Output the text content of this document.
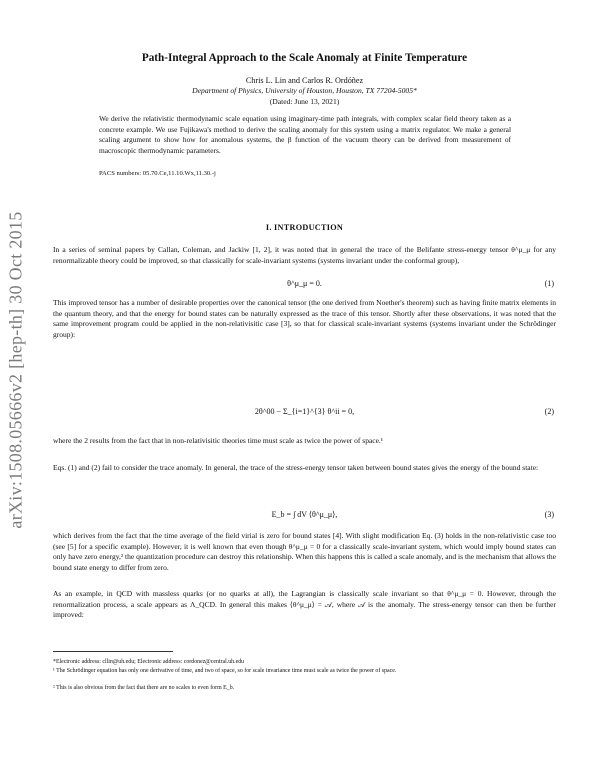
arXiv:1508.05666v2 [hep-th] 30 Oct 2015
Path-Integral Approach to the Scale Anomaly at Finite Temperature
Chris L. Lin and Carlos R. Ordóñez
Department of Physics, University of Houston, Houston, TX 77204-5005*
(Dated: June 13, 2021)
We derive the relativistic thermodynamic scale equation using imaginary-time path integrals, with complex scalar field theory taken as a concrete example. We use Fujikawa's method to derive the scaling anomaly for this system using a matrix regulator. We make a general scaling argument to show how for anomalous systems, the β function of the vacuum theory can be derived from measurement of macroscopic thermodynamic parameters.
PACS numbers: 05.70.Ce,11.10.Wx,11.30.-j
I. INTRODUCTION
In a series of seminal papers by Callan, Coleman, and Jackiw [1, 2], it was noted that in general the trace of the Belifante stress-energy tensor θ^μ_μ for any renormalizable theory could be improved, so that classically for scale-invariant systems (systems invariant under the conformal group),
θ^μ_μ = 0.	(1)
This improved tensor has a number of desirable properties over the canonical tensor (the one derived from Noether's theorem) such as having finite matrix elements in the quantum theory, and that the energy for bound states can be naturally expressed as the trace of this tensor. Shortly after these observations, it was noted that the same improvement program could be applied in the non-relativisitic case [3], so that for classical scale-invariant systems (systems invariant under the Schrödinger group):
2θ^00 − Σ_{i=1}^{3} θ^ii = 0,	(2)
where the 2 results from the fact that in non-relativisitic theories time must scale as twice the power of space.¹
Eqs. (1) and (2) fail to consider the trace anomaly. In general, the trace of the stress-energy tensor taken between bound states gives the energy of the bound state:
E_b = ∫ dV ⟨θ^μ_μ⟩,	(3)
which derives from the fact that the time average of the field virial is zero for bound states [4]. With slight modification Eq. (3) holds in the non-relativistic case too (see [5] for a specific example). However, it is well known that even though θ^μ_μ = 0 for a classically scale-invariant system, which would imply bound states can only have zero energy,² the quantization procedure can destroy this relationship. When this happens this is called a scale anomaly, and is the mechanism that allows the bound state energy to differ from zero.
As an example, in QCD with massless quarks (or no quarks at all), the Lagrangian is classically scale invariant so that θ^μ_μ = 0. However, through the renormalization process, a scale appears as Λ_QCD. In general this makes ⟨θ^μ_μ⟩ = 𝒜, where 𝒜 is the anomaly. The stress-energy tensor can then be further improved:
*Electronic address: cllin@uh.edu; Electronic address: cordonez@central.uh.edu
¹ The Schrödinger equation has only one derivative of time, and two of space, so for scale invariance time must scale as twice the power of space.
² This is also obvious from the fact that there are no scales to even form E_b.
